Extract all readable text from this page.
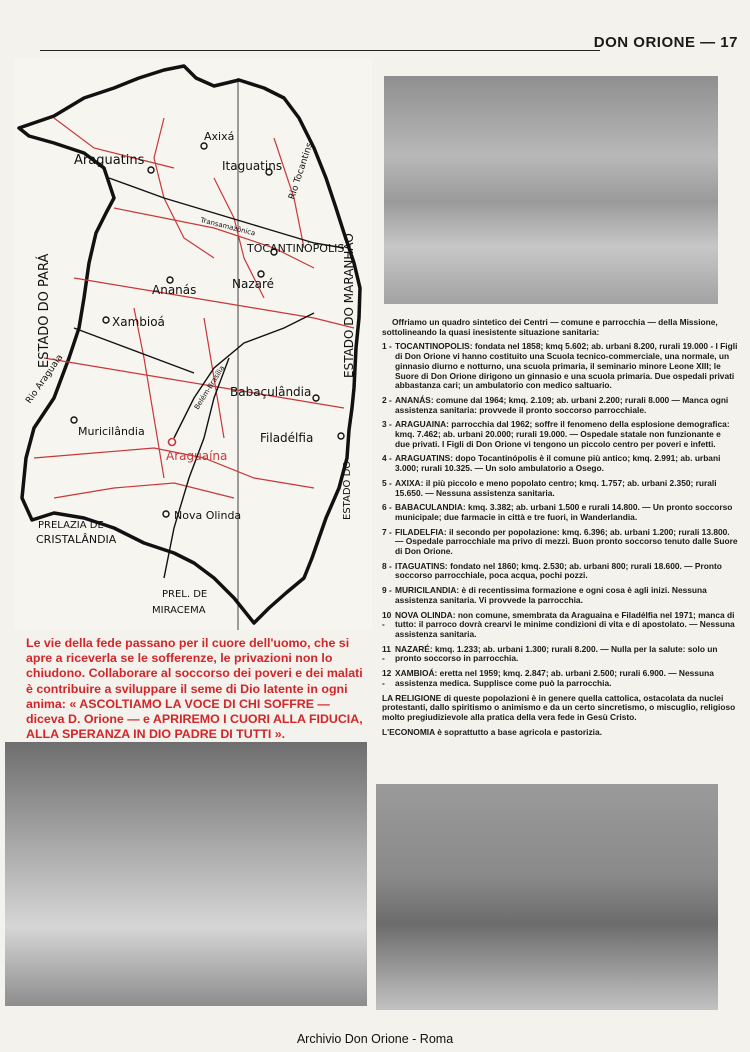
DON ORIONE — 17
Axixá
Araguatins	Itaguatins
TOCANTINÓPOLIS
Ananás	Nazaré
Xambioá
Babaçulândia
Muricilândia	Filadélfia
Araguaína
Nova Olinda
ESTADO DO PARÁ	ESTADO DO MARANHÃO
ESTADO DO
PRELAZIA DE
CRISTALÂNDIA
PREL. DE
MIRACEMA
Rio Tocantins
Rio Araguaia
Transamazônica
Belém-Brasília
Le vie della fede passano per il cuore dell'uomo, che si apre a riceverla se le sofferenze, le privazioni non lo chiudono. Collaborare al soccorso dei poveri e dei malati è contribuire a sviluppare il seme di Dio latente in ogni anima: « ASCOLTIAMO LA VOCE DI CHI SOFFRE — diceva D. Orione — e APRIREMO I CUORI ALLA FIDUCIA, ALLA SPERANZA IN DIO PADRE DI TUTTI ».

Offriamo un quadro sintetico dei Centri — comune e parrocchia — della Missione, sottolineando la quasi inesistente situazione sanitaria:

1 - TOCANTINOPOLIS: fondata nel 1858; kmq 5.602; ab. urbani 8.200, rurali 19.000 - I Figli di Don Orione vi hanno costituito una Scuola tecnico-commerciale, una normale, un ginnasio diurno e notturno, una scuola primaria, il seminario minore Leone XIII; le Suore di Don Orione dirigono un ginnasio e una scuola primaria. Due ospedali privati abbastanza cari; un ambulatorio con medico saltuario.
2 - ANANÁS: comune dal 1964; kmq. 2.109; ab. urbani 2.200; rurali 8.000 — Manca ogni assistenza sanitaria: provvede il pronto soccorso parrocchiale.
3 - ARAGUAINA: parrocchia dal 1962; soffre il fenomeno della esplosione demografica: kmq. 7.462; ab. urbani 20.000; rurali 19.000. — Ospedale statale non funzionante e due privati. I Figli di Don Orione vi tengono un piccolo centro per poveri e infetti.
4 - ARAGUATINS: dopo Tocantinópolis è il comune più antico; kmq. 2.991; ab. urbani 3.000; rurali 10.325. — Un solo ambulatorio a Osego.
5 - AXIXA: il più piccolo e meno popolato centro; kmq. 1.757; ab. urbani 2.350; rurali 15.650. — Nessuna assistenza sanitaria.
6 - BABACULANDIA: kmq. 3.382; ab. urbani 1.500 e rurali 14.800. — Un pronto soccorso municipale; due farmacie in città e tre fuori, in Wanderlandia.
7 - FILADELFIA: il secondo per popolazione: kmq. 6.396; ab. urbani 1.200; rurali 13.800. — Ospedale parrocchiale ma privo di mezzi. Buon pronto soccorso tenuto dalle Suore di Don Orione.
8 - ITAGUATINS: fondato nel 1860; kmq. 2.530; ab. urbani 800; rurali 18.600. — Pronto soccorso parrocchiale, poca acqua, pochi pozzi.
9 - MURICILANDIA: è di recentissima formazione e ogni cosa è agli inizi. Nessuna assistenza sanitaria. Vi provvede la parrocchia.
10 -
NOVA OLINDA: non comune, smembrata da Araguaina e Filadélfia nel 1971; manca di tutto: il parroco dovrà crearvi le minime condizioni di vita e di apostolato. — Nessuna assistenza sanitaria.
11 -
NAZARÉ: kmq. 1.233; ab. urbani 1.300; rurali 8.200. — Nulla per la salute: solo un pronto soccorso in parrocchia.
12 -
XAMBIOÁ: eretta nel 1959; kmq. 2.847; ab. urbani 2.500; rurali 6.900. — Nessuna assistenza medica. Supplisce come può la parrocchia.

LA RELIGIONE di queste popolazioni è in genere quella cattolica, ostacolata da nuclei protestanti, dallo spiritismo o animismo e da un certo sincretismo, o miscuglio, religioso molto pregiudizievole alla pratica della vera fede in Gesù Cristo.

L'ECONOMIA è soprattutto a base agricola e pastorizia.

Archivio Don Orione - Roma
